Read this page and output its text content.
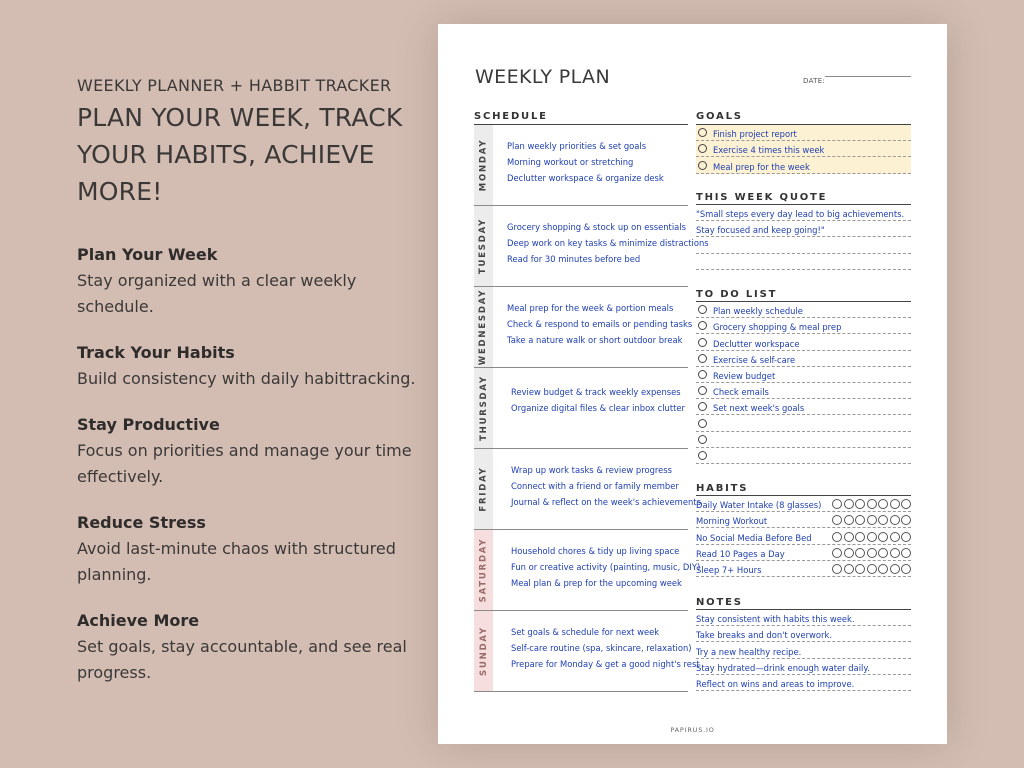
WEEKLY PLANNER + HABBIT TRACKER
PLAN YOUR WEEK, TRACK
YOUR HABITS, ACHIEVE
MORE!
Plan Your Week
Stay organized with a clear weekly schedule.
Track Your Habits
Build consistency with daily habittracking.
Stay Productive
Focus on priorities and manage your time
effectively.
Reduce Stress
Avoid last-minute chaos with structured
planning.
Achieve More
Set goals, stay accountable, and see real
progress.
WEEKLY PLAN	DATE:
SCHEDULE	GOALS
THIS WEEK QUOTE
TO DO LIST
HABITS
NOTES
PAPIRUS.IO
MONDAY Plan weekly priorities & set goals
Morning workout or stretching
Declutter workspace & organize desk
TUESDAY Grocery shopping & stock up on essentials
Deep work on key tasks & minimize distractions
Read for 30 minutes before bed
WEDNESDAY Meal prep for the week & portion meals
Check & respond to emails or pending tasks
Take a nature walk or short outdoor break
THURSDAY	Review budget & track weekly expenses
Organize digital files & clear inbox clutter
FRIDAY	Wrap up work tasks & review progress
Connect with a friend or family member
Journal & reflect on the week's achievements
SATURDAY	Household chores & tidy up living space
Fun or creative activity (painting, music, DIY)
Meal plan & prep for the upcoming week
SUNDAY	Set goals & schedule for next week
Self-care routine (spa, skincare, relaxation)
Prepare for Monday & get a good night's rest
Finish project report
Exercise 4 times this week
Meal prep for the week
"Small steps every day lead to big achievements.
Stay focused and keep going!"
Plan weekly schedule
Grocery shopping & meal prep
Declutter workspace
Exercise & self-care
Review budget
Check emails
Set next week's goals
Daily Water Intake (8 glasses)
Morning Workout
No Social Media Before Bed
Read 10 Pages a Day
Sleep 7+ Hours
Stay consistent with habits this week.
Take breaks and don't overwork.
Try a new healthy recipe.
Stay hydrated—drink enough water daily.
Reflect on wins and areas to improve.
